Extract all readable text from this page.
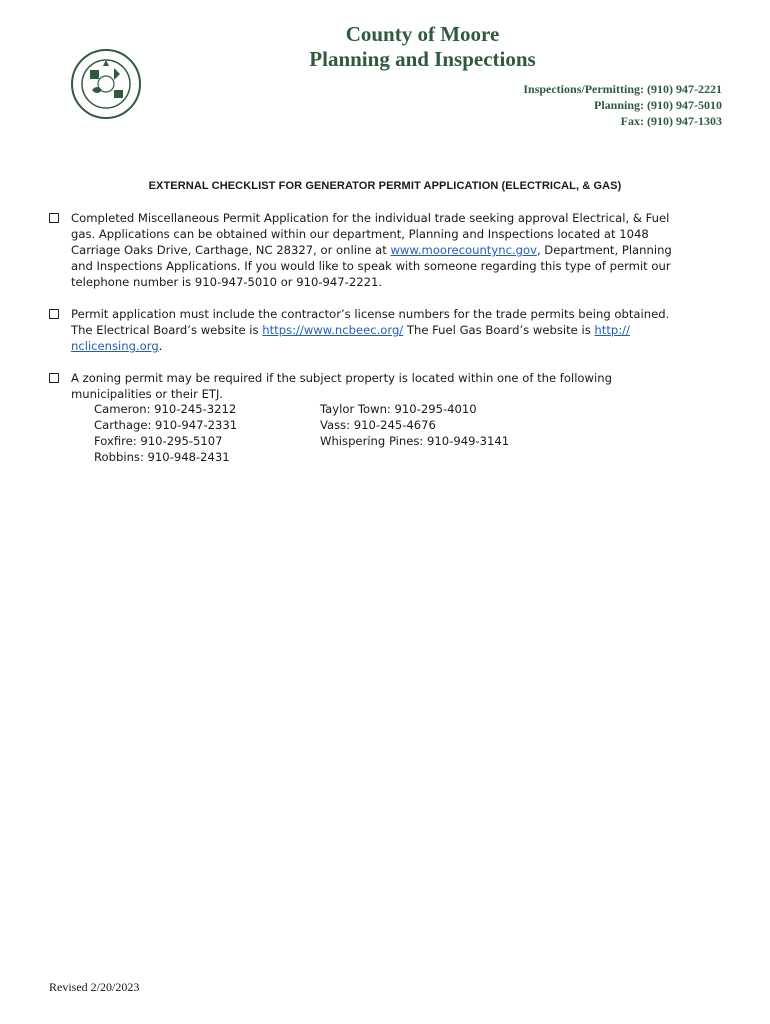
County of Moore
Planning and Inspections
Inspections/Permitting: (910) 947-2221
Planning: (910) 947-5010
Fax: (910) 947-1303
EXTERNAL CHECKLIST FOR GENERATOR PERMIT APPLICATION (ELECTRICAL, & GAS)
Completed Miscellaneous Permit Application for the individual trade seeking approval Electrical, & Fuel
gas. Applications can be obtained within our department, Planning and Inspections located at 1048
Carriage Oaks Drive, Carthage, NC 28327, or online at www.moorecountync.gov, Department, Planning
and Inspections Applications. If you would like to speak with someone regarding this type of permit our
telephone number is 910-947-5010 or 910-947-2221.
Permit application must include the contractor’s license numbers for the trade permits being obtained.
The Electrical Board’s website is https://www.ncbeec.org/ The Fuel Gas Board’s website is http://
nclicensing.org.
A zoning permit may be required if the subject property is located within one of the following
municipalities or their ETJ.
Cameron: 910-245-3212
Carthage: 910-947-2331
Foxfire: 910-295-5107
Robbins: 910-948-2431
Taylor Town: 910-295-4010
Vass: 910-245-4676
Whispering Pines: 910-949-3141
Revised 2/20/2023
